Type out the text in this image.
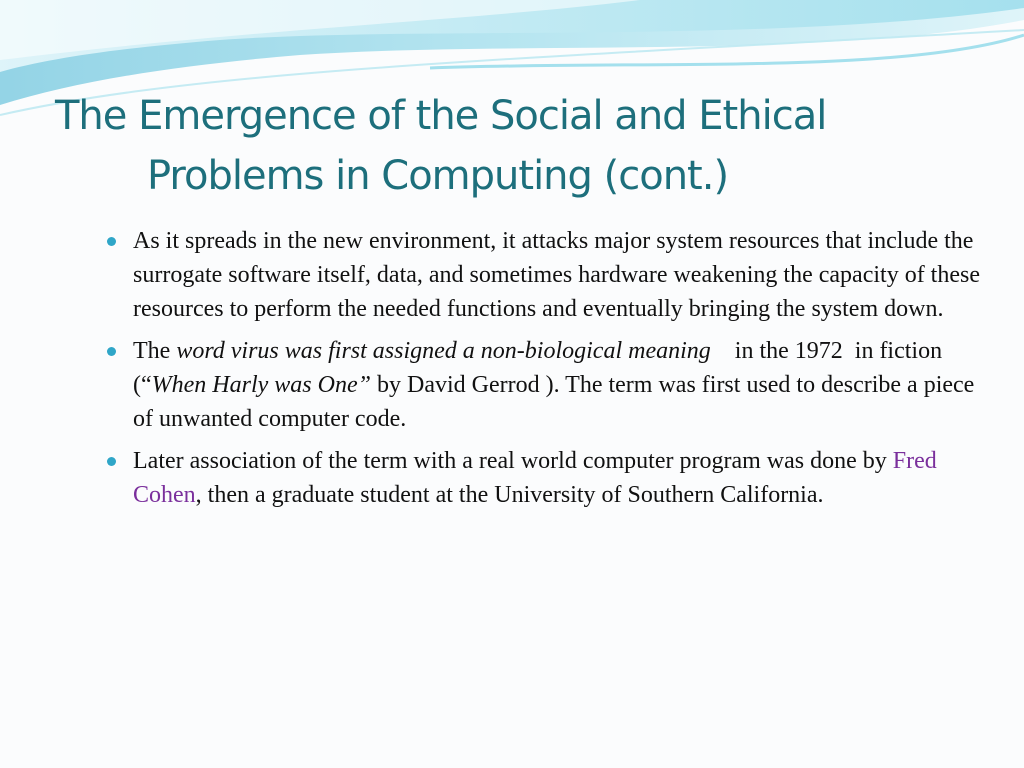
The Emergence of the Social and Ethical
Problems in Computing (cont.)
As it spreads in the new environment, it attacks major system resources that include the surrogate software itself, data, and sometimes hardware weakening the capacity of these resources to perform the needed functions and eventually bringing the system down.
The word virus was first assigned a non-biological meaning    in the 1972  in fiction (“When Harly was One” by David Gerrod ). The term was first used to describe a piece of unwanted computer code.
Later association of the term with a real world computer program was done by Fred Cohen, then a graduate student at the University of Southern California.
